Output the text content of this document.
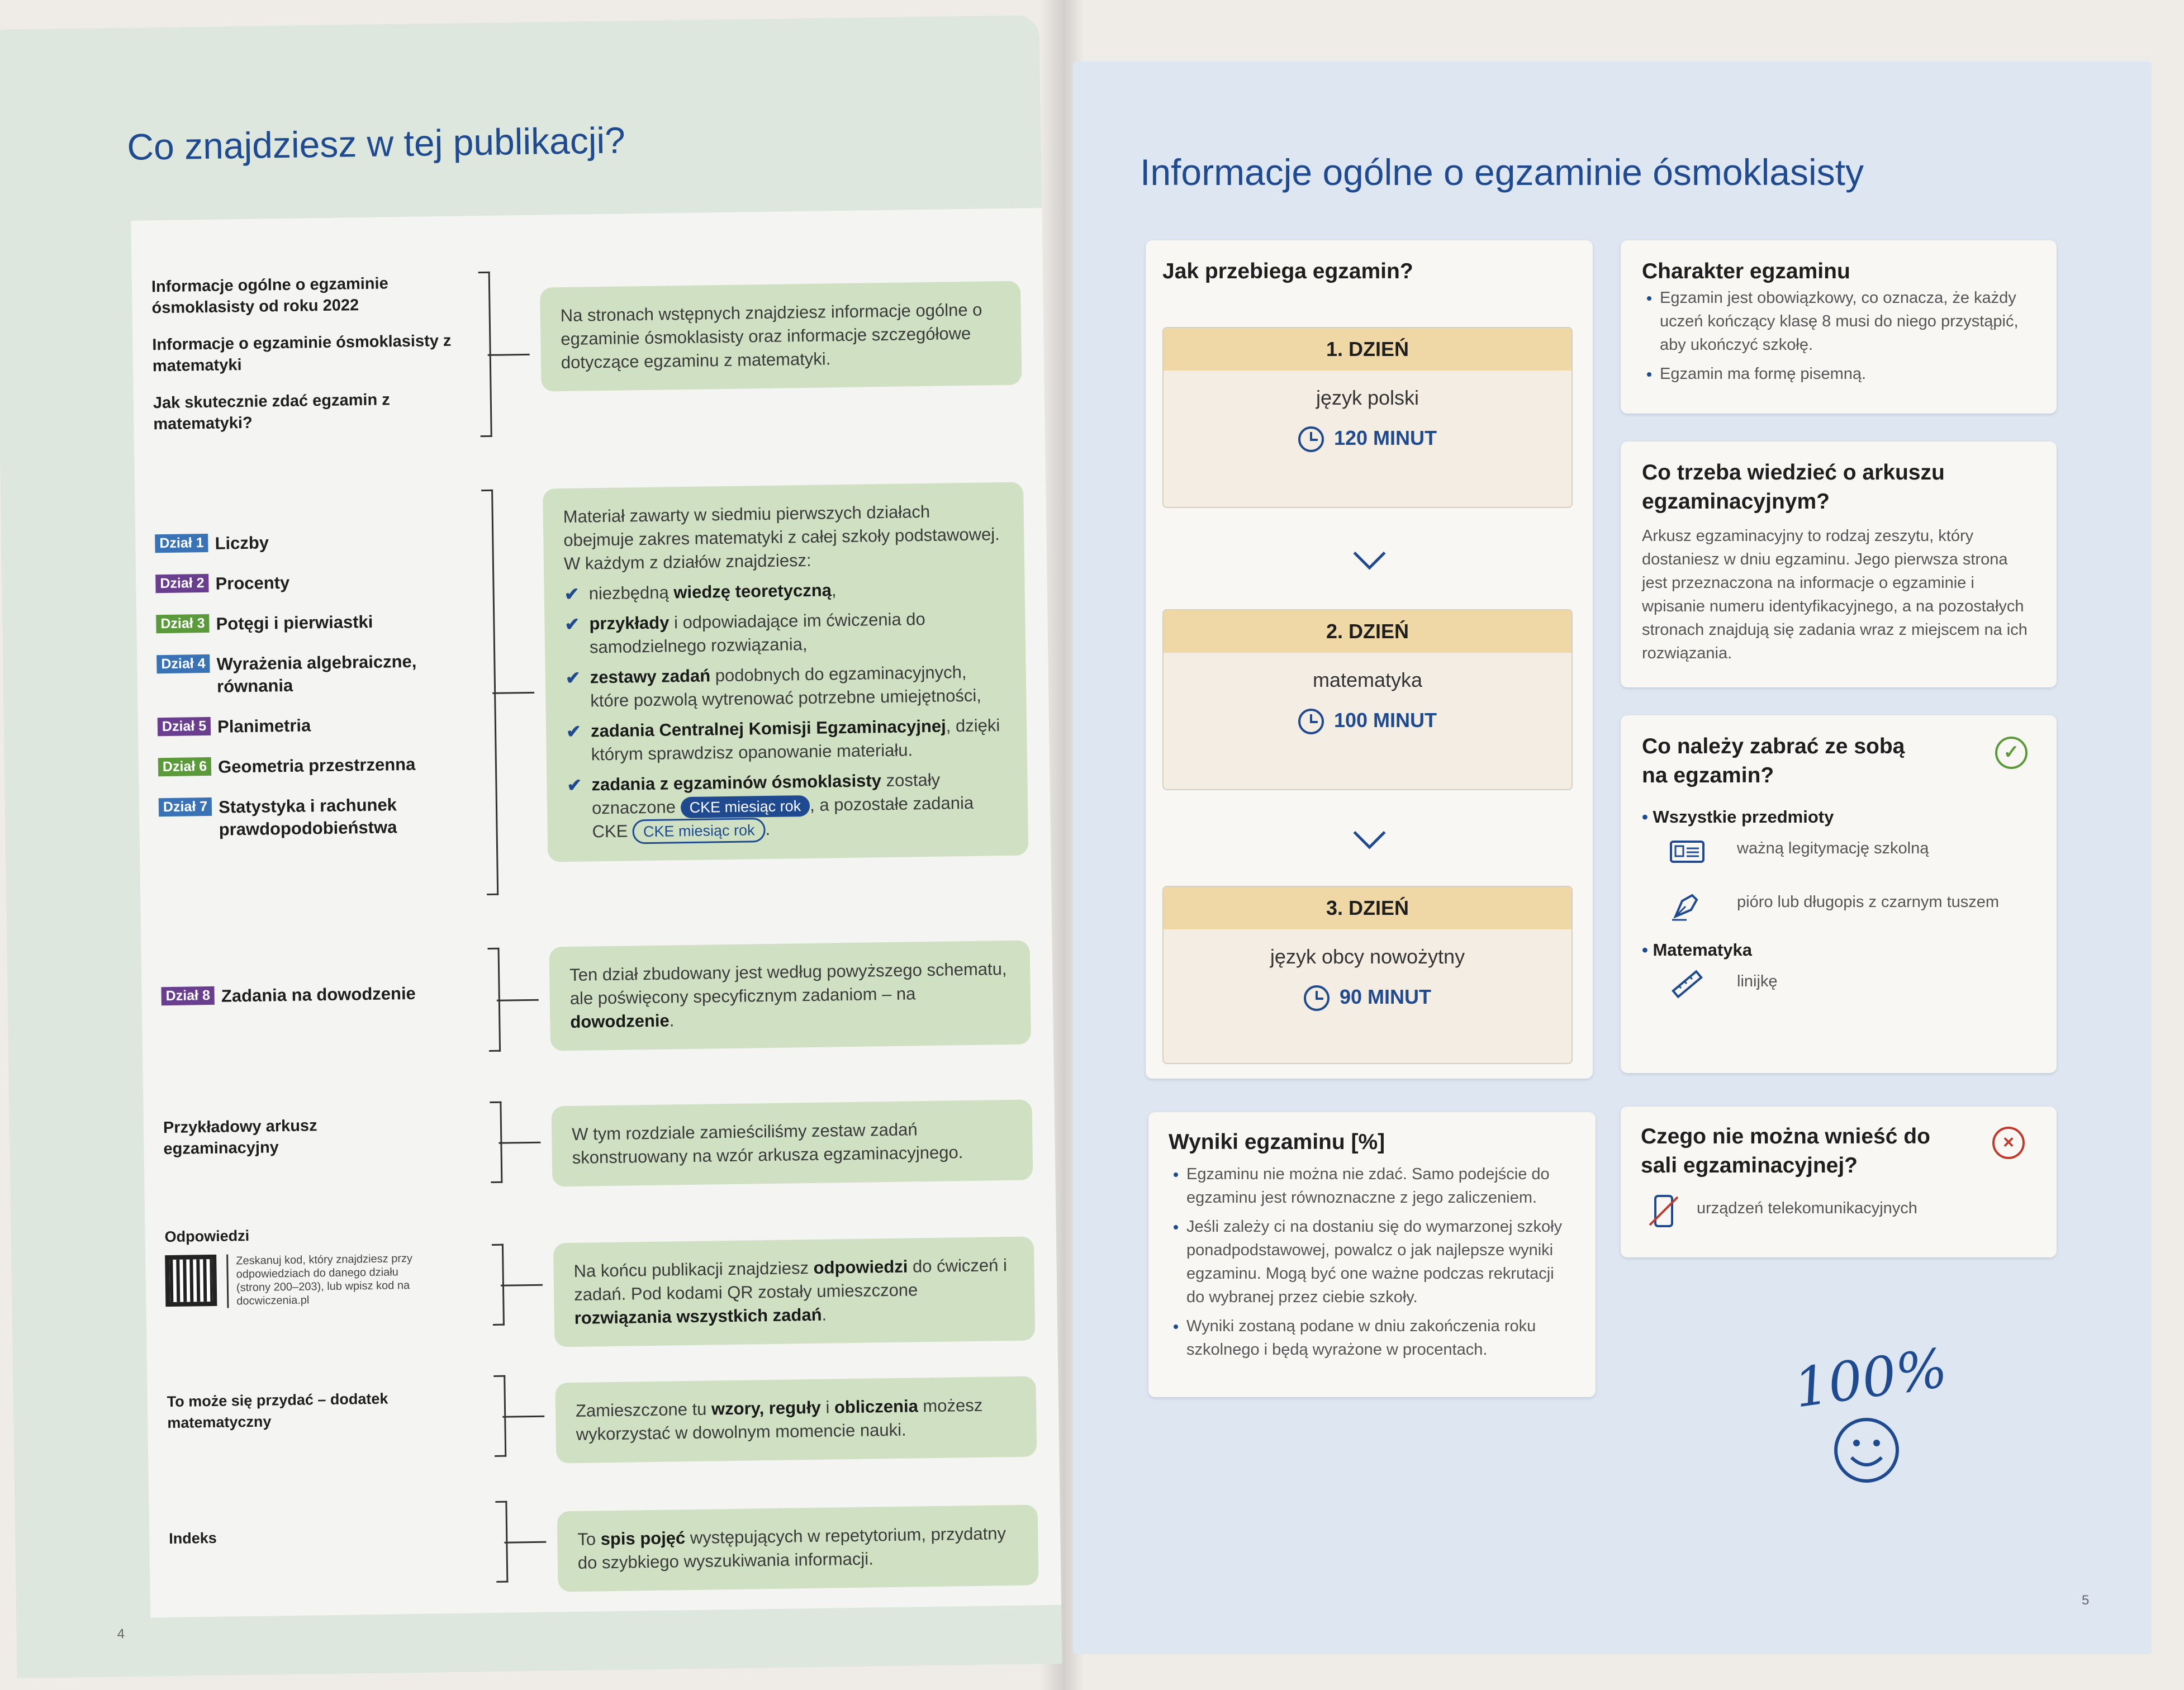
Co znajdziesz w tej publikacji?
Informacje ogólne o egzaminie ósmoklasisty od roku 2022
Informacje o egzaminie ósmoklasisty z matematyki
Jak skutecznie zdać egzamin z matematyki?
Na stronach wstępnych znajdziesz informacje ogólne o egzaminie ósmoklasisty oraz informacje szczegółowe dotyczące egzaminu z matematyki.
Dział 1 Liczby
Dział 2 Procenty
Dział 3 Potęgi i pierwiastki
Dział 4 Wyrażenia algebraiczne, równania
Dział 5 Planimetria
Dział 6 Geometria przestrzenna
Dział 7 Statystyka i rachunek prawdopodobieństwa
Materiał zawarty w siedmiu pierwszych działach obejmuje zakres matematyki z całej szkoły podstawowej. W każdym z działów znajdziesz:
✔ niezbędną wiedzę teoretyczną,
✔ przykłady i odpowiadające im ćwiczenia do samodzielnego rozwiązania,
✔ zestawy zadań podobnych do egzaminacyjnych, które pozwolą wytrenować potrzebne umiejętności,
✔ zadania Centralnej Komisji Egzaminacyjnej, dzięki którym sprawdzisz opanowanie materiału.
✔ zadania z egzaminów ósmoklasisty zostały oznaczone CKE miesiąc rok , a pozostałe zadania CKE CKE miesiąc rok .
Dział 8 Zadania na dowodzenie
Ten dział zbudowany jest według powyższego schematu, ale poświęcony specyficznym zadaniom – na dowodzenie.
Przykładowy arkusz egzaminacyjny
W tym rozdziale zamieściliśmy zestaw zadań skonstruowany na wzór arkusza egzaminacyjnego.
Odpowiedzi
Zeskanuj kod, który znajdziesz przy odpowiedziach do danego działu (strony 200–203), lub wpisz kod na docwiczenia.pl
Na końcu publikacji znajdziesz odpowiedzi do ćwiczeń i zadań. Pod kodami QR zostały umieszczone rozwiązania wszystkich zadań.
To może się przydać – dodatek matematyczny
Zamieszczone tu wzory, reguły i obliczenia możesz wykorzystać w dowolnym momencie nauki.
Indeks	To spis pojęć występujących w repetytorium, przydatny do szybkiego wyszukiwania informacji.
4
Informacje ogólne o egzaminie ósmoklasisty
Jak przebiega egzamin?
1. DZIEŃ
język polski
120 MINUT
2. DZIEŃ
matematyka
100 MINUT
3. DZIEŃ
język obcy nowożytny
90 MINUT
Charakter egzaminu
• Egzamin jest obowiązkowy, co oznacza, że każdy uczeń kończący klasę 8 musi do niego przystąpić, aby ukończyć szkołę.
• Egzamin ma formę pisemną.
Co trzeba wiedzieć o arkuszu egzaminacyjnym?
Arkusz egzaminacyjny to rodzaj zeszytu, który dostaniesz w dniu egzaminu. Jego pierwsza strona jest przeznaczona na informacje o egzaminie i wpisanie numeru identyfikacyjnego, a na pozostałych stronach znajdują się zadania wraz z miejscem na ich rozwiązania.
Co należy zabrać ze sobą na egzamin?
✓
• Wszystkie przedmioty
ważną legitymację szkolną
pióro lub długopis z czarnym tuszem
• Matematyka
linijkę
Wyniki egzaminu [%]
• Egzaminu nie można nie zdać. Samo podejście do egzaminu jest równoznaczne z jego zaliczeniem.
• Jeśli zależy ci na dostaniu się do wymarzonej szkoły ponadpodstawowej, powalcz o jak najlepsze wyniki egzaminu. Mogą być one ważne podczas rekrutacji do wybranej przez ciebie szkoły.
• Wyniki zostaną podane w dniu zakończenia roku szkolnego i będą wyrażone w procentach.
Czego nie można wnieść do sali egzaminacyjnej?
×
urządzeń telekomunikacyjnych
100%
5
